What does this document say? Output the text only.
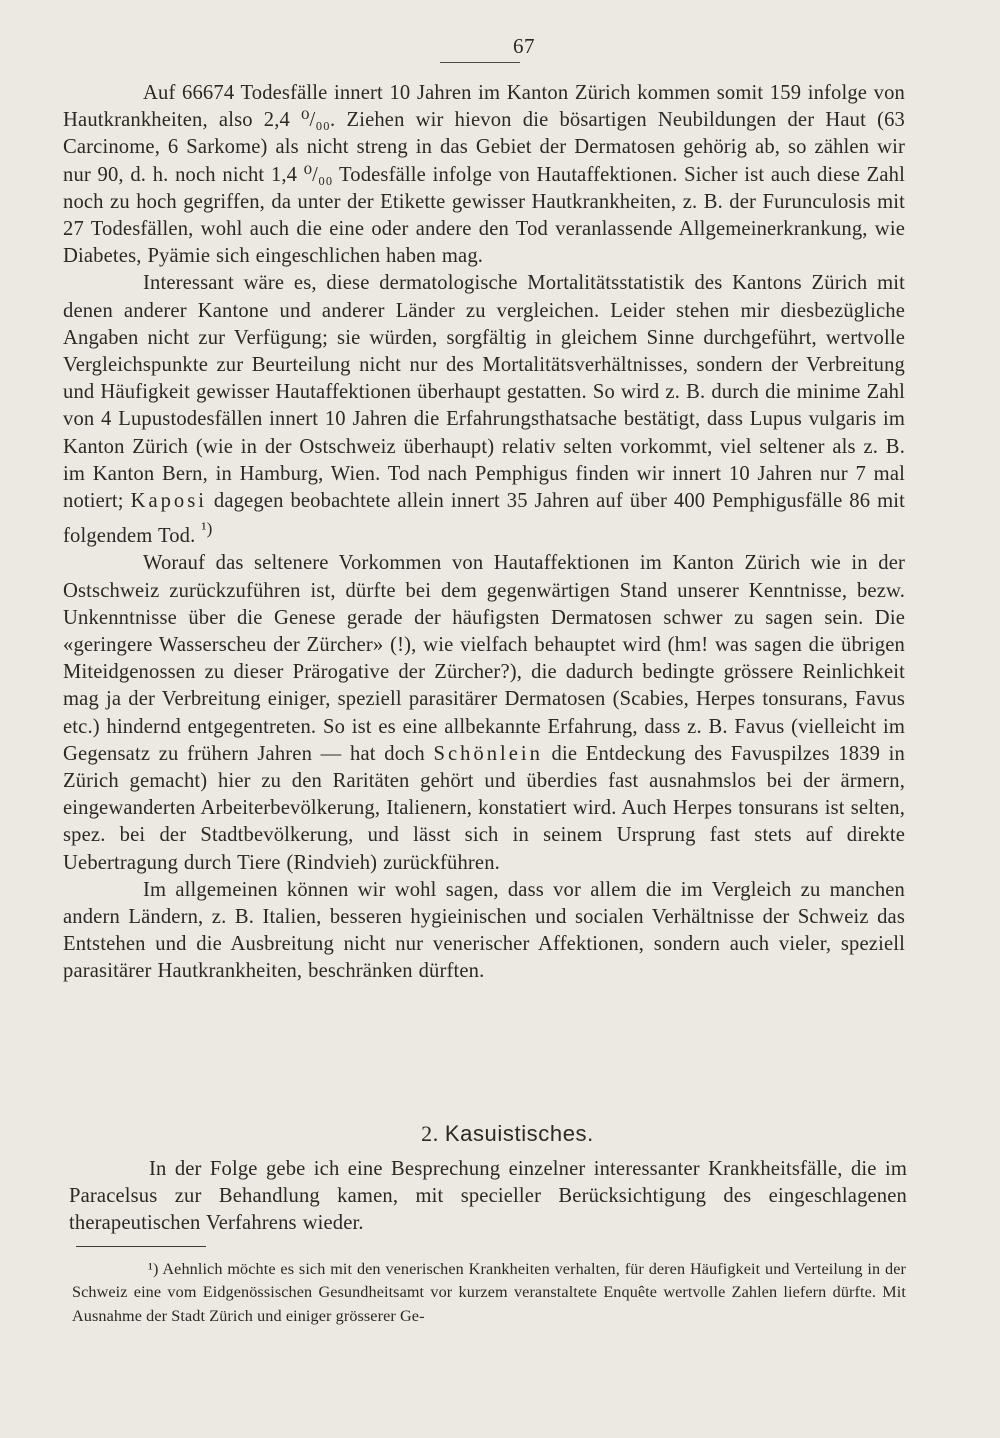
67

Auf 66674 Todesfälle innert 10 Jahren im Kanton Zürich kommen somit 159 infolge von Hautkrankheiten, also 2,4 ⁰/₀₀. Ziehen wir hievon die bösartigen Neubildungen der Haut (63 Carcinome, 6 Sarkome) als nicht streng in das Gebiet der Dermatosen gehörig ab, so zählen wir nur 90, d. h. noch nicht 1,4 ⁰/₀₀ Todesfälle infolge von Hautaffektionen. Sicher ist auch diese Zahl noch zu hoch gegriffen, da unter der Etikette gewisser Hautkrankheiten, z. B. der Furunculosis mit 27 Todesfällen, wohl auch die eine oder andere den Tod veranlassende Allgemeinerkrankung, wie Diabetes, Pyämie sich eingeschlichen haben mag.

Interessant wäre es, diese dermatologische Mortalitätsstatistik des Kantons Zürich mit denen anderer Kantone und anderer Länder zu vergleichen. Leider stehen mir diesbezügliche Angaben nicht zur Verfügung; sie würden, sorgfältig in gleichem Sinne durchgeführt, wertvolle Vergleichspunkte zur Beurteilung nicht nur des Mortalitätsverhältnisses, sondern der Verbreitung und Häufigkeit gewisser Hautaffektionen überhaupt gestatten. So wird z. B. durch die minime Zahl von 4 Lupustodesfällen innert 10 Jahren die Erfahrungsthatsache bestätigt, dass Lupus vulgaris im Kanton Zürich (wie in der Ostschweiz überhaupt) relativ selten vorkommt, viel seltener als z. B. im Kanton Bern, in Hamburg, Wien. Tod nach Pemphigus finden wir innert 10 Jahren nur 7 mal notiert; Kaposi dagegen beobachtete allein innert 35 Jahren auf über 400 Pemphigusfälle 86 mit folgendem Tod. $^{^1)}$

Worauf das seltenere Vorkommen von Hautaffektionen im Kanton Zürich wie in der Ostschweiz zurückzuführen ist, dürfte bei dem gegenwärtigen Stand unserer Kenntnisse, bezw. Unkenntnisse über die Genese gerade der häufigsten Dermatosen schwer zu sagen sein. Die «geringere Wasserscheu der Zürcher» (!), wie vielfach behauptet wird (hm! was sagen die übrigen Miteidgenossen zu dieser Prärogative der Zürcher?), die dadurch bedingte grössere Reinlichkeit mag ja der Verbreitung einiger, speziell parasitärer Dermatosen (Scabies, Herpes tonsurans, Favus etc.) hindernd entgegentreten. So ist es eine allbekannte Erfahrung, dass z. B. Favus (vielleicht im Gegensatz zu frühern Jahren — hat doch Schönlein die Entdeckung des Favuspilzes 1839 in Zürich gemacht) hier zu den Raritäten gehört und überdies fast ausnahmslos bei der ärmern, eingewanderten Arbeiterbevölkerung, Italienern, konstatiert wird. Auch Herpes tonsurans ist selten, spez. bei der Stadtbevölkerung, und lässt sich in seinem Ursprung fast stets auf direkte Uebertragung durch Tiere (Rindvieh) zurückführen.

Im allgemeinen können wir wohl sagen, dass vor allem die im Vergleich zu manchen andern Ländern, z. B. Italien, besseren hygieinischen und socialen Verhältnisse der Schweiz das Entstehen und die Ausbreitung nicht nur venerischer Affektionen, sondern auch vieler, speziell parasitärer Hautkrankheiten, beschränken dürften.

2. Kasuistisches.

In der Folge gebe ich eine Besprechung einzelner interessanter Krankheitsfälle, die im Paracelsus zur Behandlung kamen, mit specieller Berücksichtigung des eingeschlagenen therapeutischen Verfahrens wieder.

¹) Aehnlich möchte es sich mit den venerischen Krankheiten verhalten, für deren Häufigkeit und Verteilung in der Schweiz eine vom Eidgenössischen Gesundheitsamt vor kurzem veranstaltete Enquête wertvolle Zahlen liefern dürfte. Mit Ausnahme der Stadt Zürich und einiger grösserer Ge-
